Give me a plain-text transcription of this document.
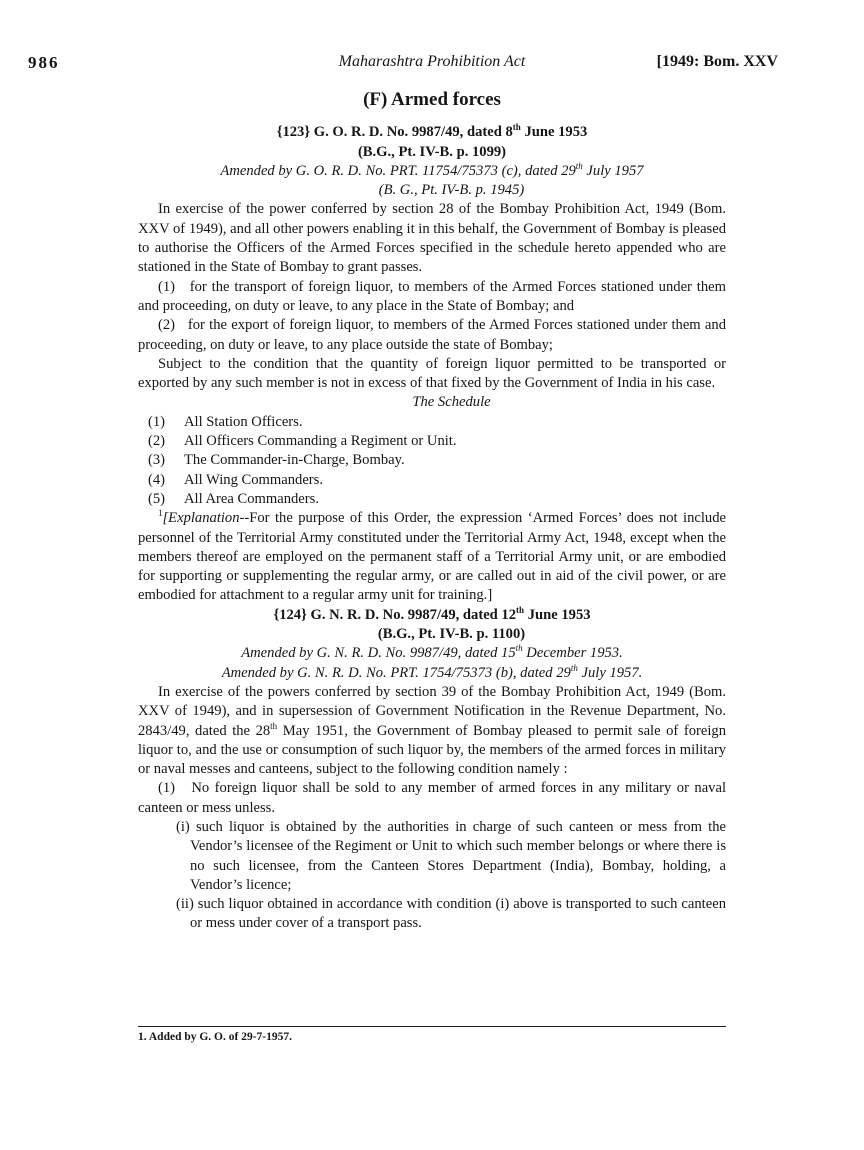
986	Maharashtra Prohibition Act	[1949: Bom. XXV
(F) Armed forces
{123} G. O. R. D. No. 9987/49, dated 8th June 1953
(B.G., Pt. IV-B. p. 1099)
Amended by G. O. R. D. No. PRT. 11754/75373 (c), dated 29th July 1957
(B. G., Pt. IV-B. p. 1945)

In exercise of the power conferred by section 28 of the Bombay Prohibition Act, 1949 (Bom. XXV of 1949), and all other powers enabling it in this behalf, the Government of Bombay is pleased to authorise the Officers of the Armed Forces specified in the schedule hereto appended who are stationed in the State of Bombay to grant passes.

(1)   for the transport of foreign liquor, to members of the Armed Forces stationed under them and proceeding, on duty or leave, to any place in the State of Bombay; and

(2)   for the export of foreign liquor, to members of the Armed Forces stationed under them and proceeding, on duty or leave, to any place outside the state of Bombay;

Subject to the condition that the quantity of foreign liquor permitted to be transported or exported by any such member is not in excess of that fixed by the Government of India in his case.

The Schedule
(1) All Station Officers.
(2) All Officers Commanding a Regiment or Unit.
(3) The Commander-in-Charge, Bombay.
(4) All Wing Commanders.
(5) All Area Commanders.

$^1$[Explanation--For the purpose of this Order, the expression ‘Armed Forces’ does not include personnel of the Territorial Army constituted under the Territorial Army Act, 1948, except when the members thereof are employed on the permanent staff of a Territorial Army unit, or are embodied for supporting or supplementing the regular army, or are called out in aid of the civil power, or are embodied for attachment to a regular army unit for training.]

{124} G. N. R. D. No. 9987/49, dated 12th June 1953
(B.G., Pt. IV-B. p. 1100)
Amended by G. N. R. D. No. 9987/49, dated 15th December 1953.
Amended by G. N. R. D. No. PRT. 1754/75373 (b), dated 29th July 1957.

In exercise of the powers conferred by section 39 of the Bombay Prohibition Act, 1949 (Bom. XXV of 1949), and in supersession of Government Notification in the Revenue Department, No. 2843/49, dated the 28th May 1951, the Government of Bombay pleased to permit sale of foreign liquor to, and the use or consumption of such liquor by, the members of the armed forces in military or naval messes and canteens, subject to the following condition namely :

(1)   No foreign liquor shall be sold to any member of armed forces in any military or naval canteen or mess unless.

(i) such liquor is obtained by the authorities in charge of such canteen or mess from the Vendor’s licensee of the Regiment or Unit to which such member belongs or where there is no such licensee, from the Canteen Stores Department (India), Bombay, holding, a Vendor’s licence;
(ii) such liquor obtained in accordance with condition (i) above is transported to such canteen or mess under cover of a transport pass.
1. Added by G. O. of 29-7-1957.
